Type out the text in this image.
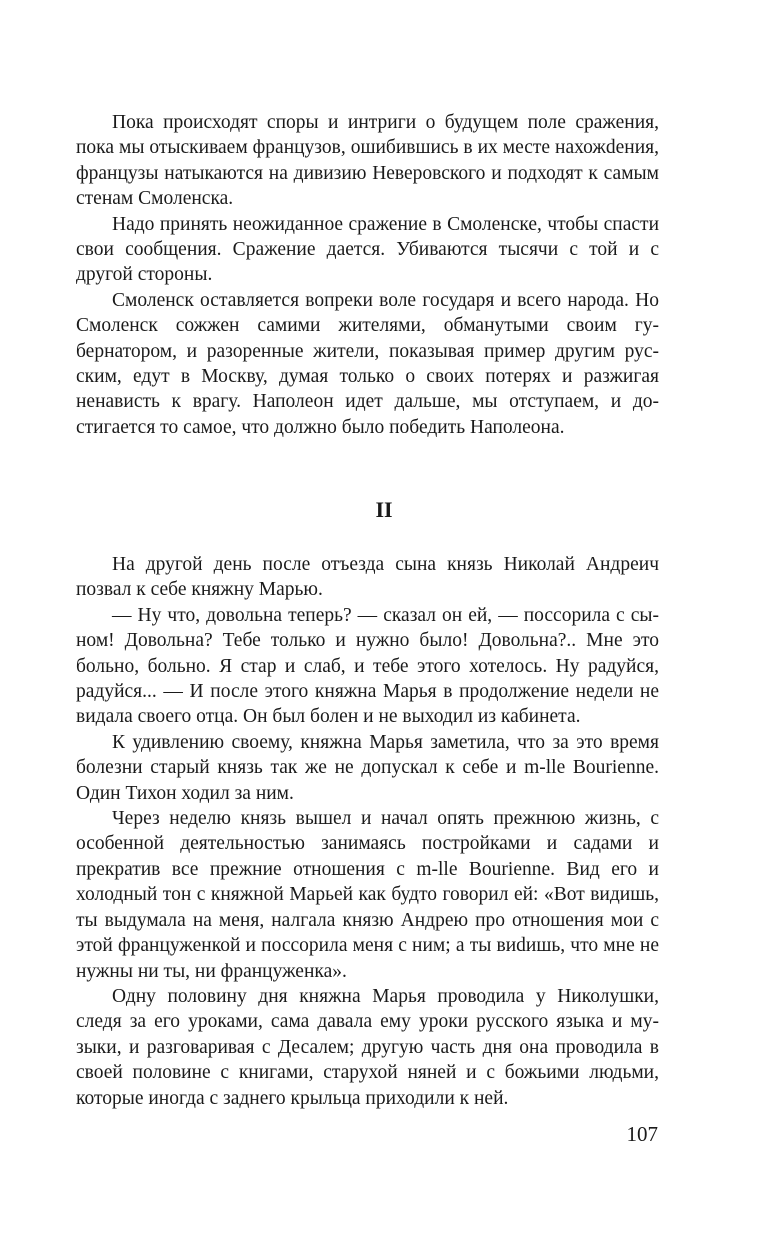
Пока происходят споры и интриги о будущем поле сражения, пока мы отыскиваем французов, ошибившись в их месте нахожdения, французы натыкаются на дивизию Неверовского и подходят к самым стенам Смоленска.

Надо принять неожиданное сражение в Смоленске, чтобы спасти свои сообщения. Сражение дается. Убиваются тысячи с той и с другой стороны.

Смоленск оставляется вопреки воле государя и всего народа. Но Смоленск сожжен самими жителями, обманутыми своим губернатором, и разоренные жители, показывая пример другим русским, едут в Москву, думая только о своих потерях и разжигая ненависть к врагу. Наполеон идет дальше, мы отступаем, и достигается то самое, что должно было победить Наполеона.

II

На другой день после отъезда сына князь Николай Андреич позвал к себе княжну Марью.

— Ну что, довольна теперь? — сказал он ей, — поссорила с сыном! Довольна? Тебе только и нужно было! Довольна?.. Мне это больно, больно. Я стар и слаб, и тебе этого хотелось. Ну радуйся, радуйся... — И после этого княжна Марья в продолжение недели не видала своего отца. Он был болен и не выходил из кабинета.

К удивлению своему, княжна Марья заметила, что за это время болезни старый князь так же не допускал к себе и m-lle Bourienne. Один Тихон ходил за ним.

Через неделю князь вышел и начал опять прежнюю жизнь, с особенной деятельностью занимаясь постройками и садами и прекратив все прежние отношения с m-lle Bourienne. Вид его и холодный тон с княжной Марьей как будто говорил ей: «Вот видишь, ты выдумала на меня, налгала князю Андрею про отношения мои с этой француженкой и поссорила меня с ним; а ты виdишь, что мне не нужны ни ты, ни француженка».

Одну половину дня княжна Марья проводила у Николушки, следя за его уроками, сама давала ему уроки русского языка и музыки, и разговаривая с Десалем; другую часть дня она проводила в своей половине с книгами, старухой няней и с божьими людьми, которые иногда с заднего крыльца приходили к ней.

107
